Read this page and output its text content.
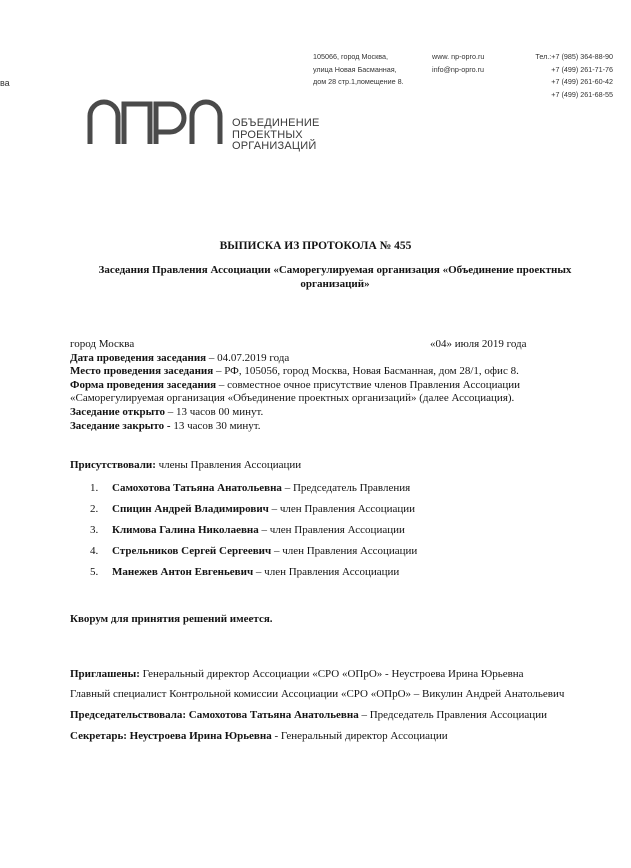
ва
105066, город Москва,
улица Новая Басманная,
дом 28 стр.1,помещение 8.
www. np-opro.ru
info@np-opro.ru
Тел.:+7 (985) 364-88-90
+7 (499) 261-71-76
+7 (499) 261-60-42
+7 (499) 261-68-55
ОБЪЕДИНЕНИЕ
ПРОЕКТНЫХ
ОРГАНИЗАЦИЙ
ВЫПИСКА ИЗ ПРОТОКОЛА № 455
Заседания Правления Ассоциации «Саморегулируемая организация «Объединение проектных организаций»
город Москва	«04» июля 2019 года
Дата проведения заседания – 04.07.2019 года
Место проведения заседания – РФ, 105056, город Москва, Новая Басманная, дом 28/1, офис 8.
Форма проведения заседания – совместное очное присутствие членов Правления Ассоциации
«Саморегулируемая организация «Объединение проектных организаций» (далее Ассоциация).
Заседание открыто – 13 часов 00 минут.
Заседание закрыто - 13 часов 30 минут.
Присутствовали: члены Правления Ассоциации
1. Самохотова Татьяна Анатольевна – Председатель Правления
2. Спицин Андрей Владимирович – член Правления Ассоциации
3. Климова Галина Николаевна – член Правления Ассоциации
4. Стрельников Сергей Сергеевич – член Правления Ассоциации
5. Манежев Антон Евгеньевич – член Правления Ассоциации
Кворум для принятия решений имеется.
Приглашены: Генеральный директор Ассоциации «СРО «ОПрО» - Неустроева Ирина Юрьевна
Главный специалист Контрольной комиссии Ассоциации «СРО «ОПрО» – Викулин Андрей Анатольевич
Председательствовала: Самохотова Татьяна Анатольевна – Председатель Правления Ассоциации
Секретарь: Неустроева Ирина Юрьевна - Генеральный директор Ассоциации
